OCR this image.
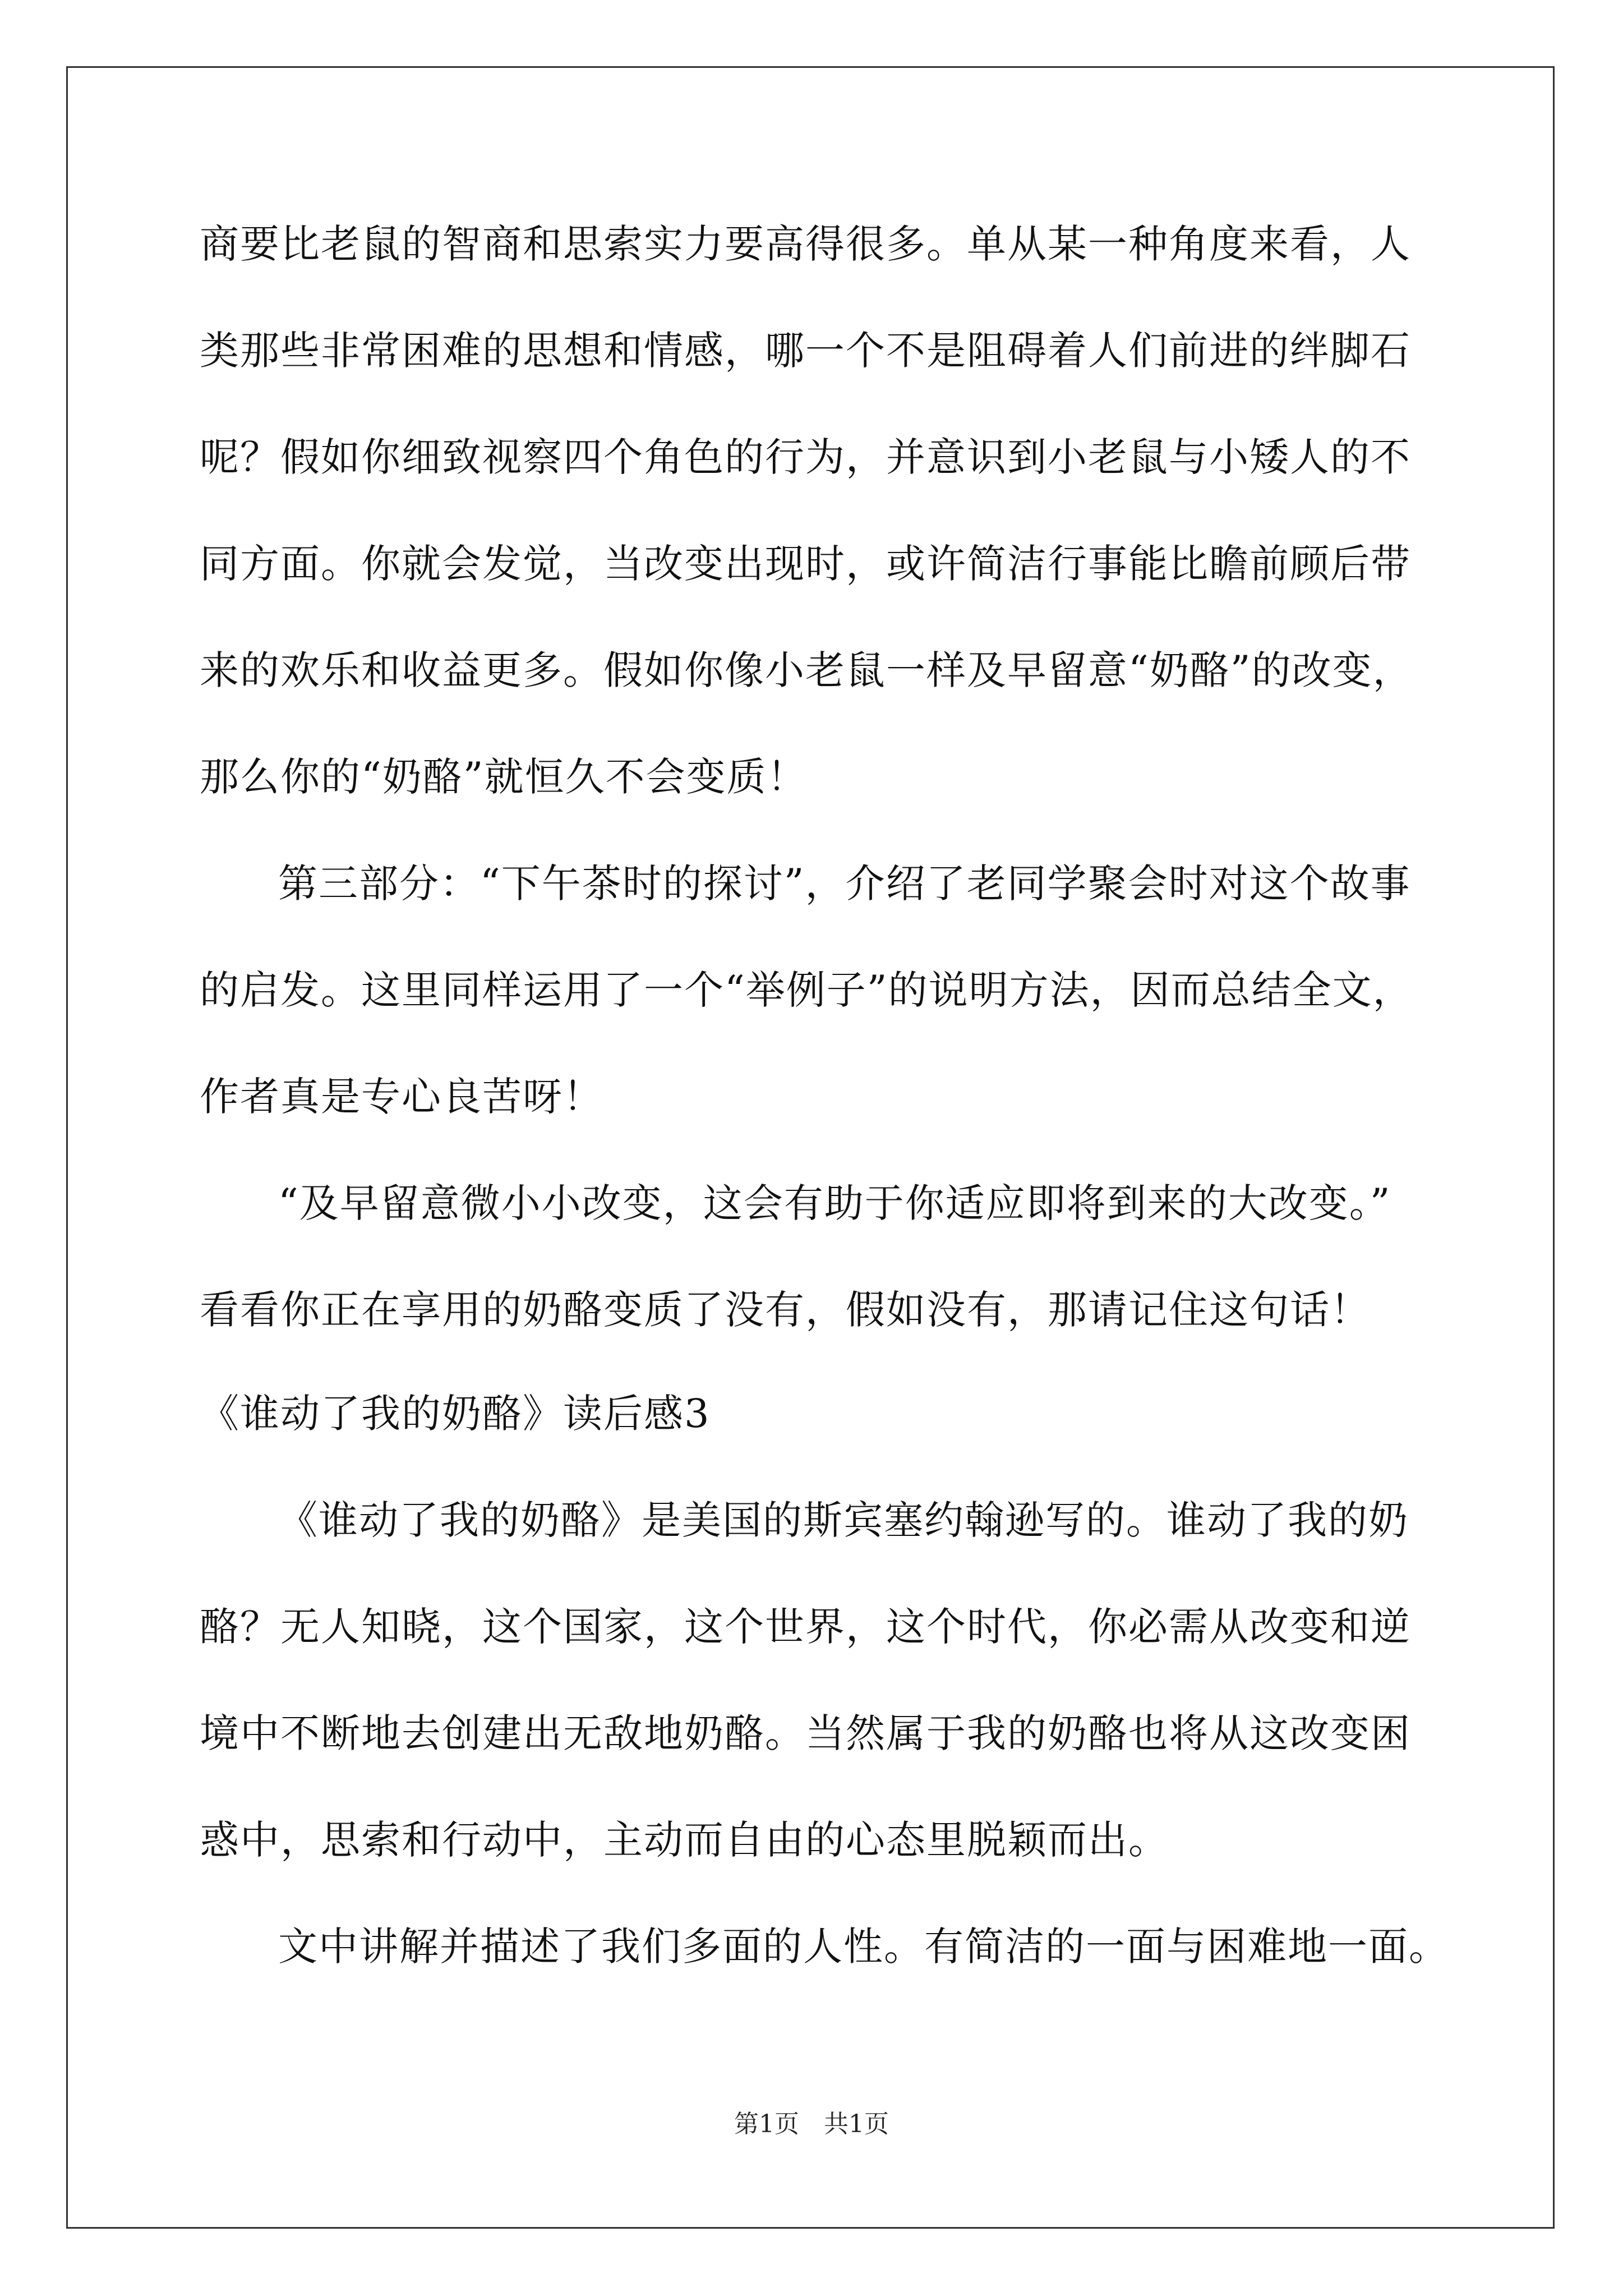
商要比老鼠的智商和思索实力要高得很多。单从某一种角度来看，人
类那些非常困难的思想和情感，哪一个不是阻碍着人们前进的绊脚石
呢？假如你细致视察四个角色的行为，并意识到小老鼠与小矮人的不
同方面。你就会发觉，当改变出现时，或许简洁行事能比瞻前顾后带
来的欢乐和收益更多。假如你像小老鼠一样及早留意“奶酪”的改变，
那么你的“奶酪”就恒久不会变质！
第三部分：“下午茶时的探讨”，介绍了老同学聚会时对这个故事
的启发。这里同样运用了一个“举例子”的说明方法，因而总结全文，
作者真是专心良苦呀！
“及早留意微小小改变，这会有助于你适应即将到来的大改变。”
看看你正在享用的奶酪变质了没有，假如没有，那请记住这句话！
《谁动了我的奶酪》读后感3
《谁动了我的奶酪》是美国的斯宾塞约翰逊写的。谁动了我的奶
酪？无人知晓，这个国家，这个世界，这个时代，你必需从改变和逆
境中不断地去创建出无敌地奶酪。当然属于我的奶酪也将从这改变困
惑中，思索和行动中，主动而自由的心态里脱颖而出。
文中讲解并描述了我们多面的人性。有简洁的一面与困难地一面。
第1页　共1页
